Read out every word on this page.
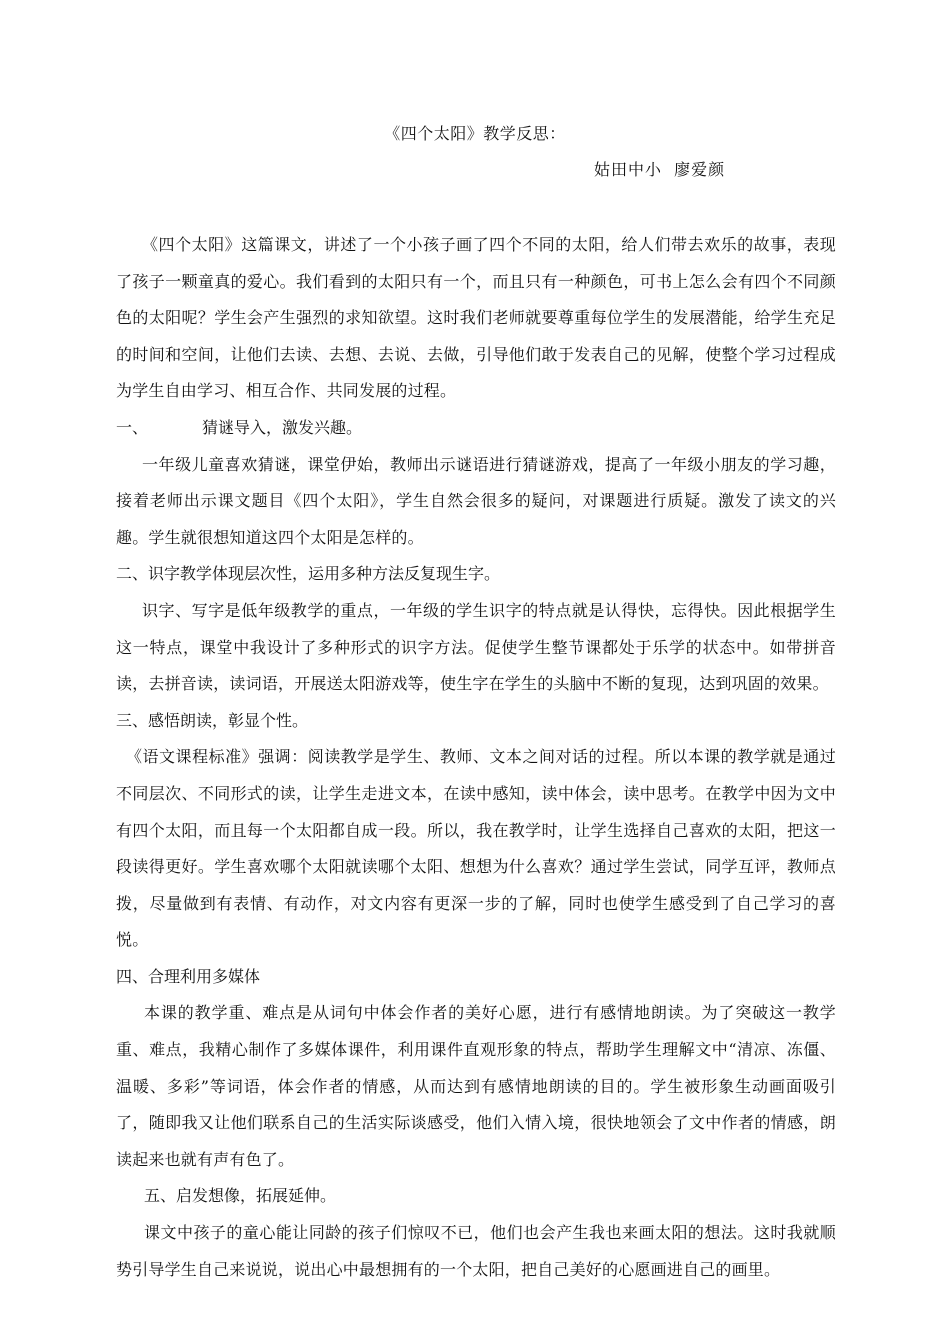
《四个太阳》教学反思：
姑田中小  廖爱颜

《四个太阳》这篇课文，讲述了一个小孩子画了四个不同的太阳，给人们带去欢乐的故事，表现了孩子一颗童真的爱心。我们看到的太阳只有一个，而且只有一种颜色，可书上怎么会有四个不同颜色的太阳呢？学生会产生强烈的求知欲望。这时我们老师就要尊重每位学生的发展潜能，给学生充足的时间和空间，让他们去读、去想、去说、去做，引导他们敢于发表自己的见解，使整个学习过程成为学生自由学习、相互合作、共同发展的过程。

一、	猜谜导入，激发兴趣。

一年级儿童喜欢猜谜，课堂伊始，教师出示谜语进行猜谜游戏，提高了一年级小朋友的学习趣，接着老师出示课文题目《四个太阳》，学生自然会很多的疑问，对课题进行质疑。激发了读文的兴趣。学生就很想知道这四个太阳是怎样的。

二、识字教学体现层次性，运用多种方法反复现生字。

识字、写字是低年级教学的重点，一年级的学生识字的特点就是认得快，忘得快。因此根据学生这一特点，课堂中我设计了多种形式的识字方法。促使学生整节课都处于乐学的状态中。如带拼音读，去拼音读，读词语，开展送太阳游戏等，使生字在学生的头脑中不断的复现，达到巩固的效果。

三、感悟朗读，彰显个性。

《语文课程标准》强调：阅读教学是学生、教师、文本之间对话的过程。所以本课的教学就是通过不同层次、不同形式的读，让学生走进文本，在读中感知，读中体会，读中思考。在教学中因为文中有四个太阳，而且每一个太阳都自成一段。所以，我在教学时，让学生选择自己喜欢的太阳，把这一段读得更好。学生喜欢哪个太阳就读哪个太阳、想想为什么喜欢？通过学生尝试，同学互评，教师点拨，尽量做到有表情、有动作，对文内容有更深一步的了解，同时也使学生感受到了自己学习的喜悦。

四、合理利用多媒体

本课的教学重、难点是从词句中体会作者的美好心愿，进行有感情地朗读。为了突破这一教学重、难点，我精心制作了多媒体课件，利用课件直观形象的特点，帮助学生理解文中“清凉、冻僵、温暖、多彩”等词语，体会作者的情感，从而达到有感情地朗读的目的。学生被形象生动画面吸引了，随即我又让他们联系自己的生活实际谈感受，他们入情入境，很快地领会了文中作者的情感，朗读起来也就有声有色了。

五、启发想像，拓展延伸。

课文中孩子的童心能让同龄的孩子们惊叹不已，他们也会产生我也来画太阳的想法。这时我就顺势引导学生自己来说说，说出心中最想拥有的一个太阳，把自己美好的心愿画进自己的画里。
